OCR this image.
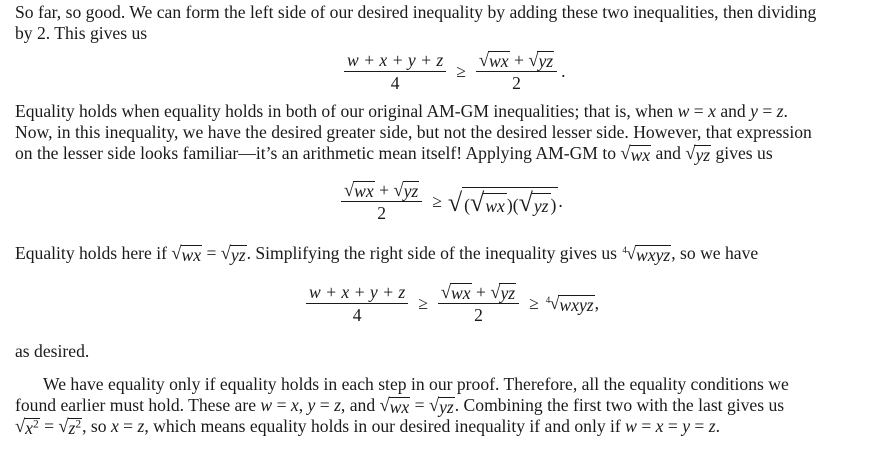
So far, so good. We can form the left side of our desired inequality by adding these two inequalities, then dividing
by 2. This gives us

$\frac{w + x + y + z}{4} \ge \frac{√ wx + √ yz}{2}$ .

Equality holds when equality holds in both of our original AM-GM inequalities; that is, when w = x and y = z.
Now, in this inequality, we have the desired greater side, but not the desired lesser side. However, that expression
on the lesser side looks familiar—it’s an arithmetic mean itself! Applying AM-GM to √ wx and √ yz gives us

$\frac{√ wx + √ yz}{2}$ ≥ √ ( √ wx )( √ yz ) .

Equality holds here if √ wx = √ yz . Simplifying the right side of the inequality gives us 4 √ wxyz , so we have

$\frac{w + x + y + z}{4} \ge \frac{√ wx + √ yz}{2} \ge 4$ √ wxyz ,

as desired.

We have equality only if equality holds in each step in our proof. Therefore, all the equality conditions we
found earlier must hold. These are w = x, y = z, and √ wx = √ yz . Combining the first two with the last gives us
√ $x^2$ = √ $z^2$ , so x = z, which means equality holds in our desired inequality if and only if w = x = y = z.
